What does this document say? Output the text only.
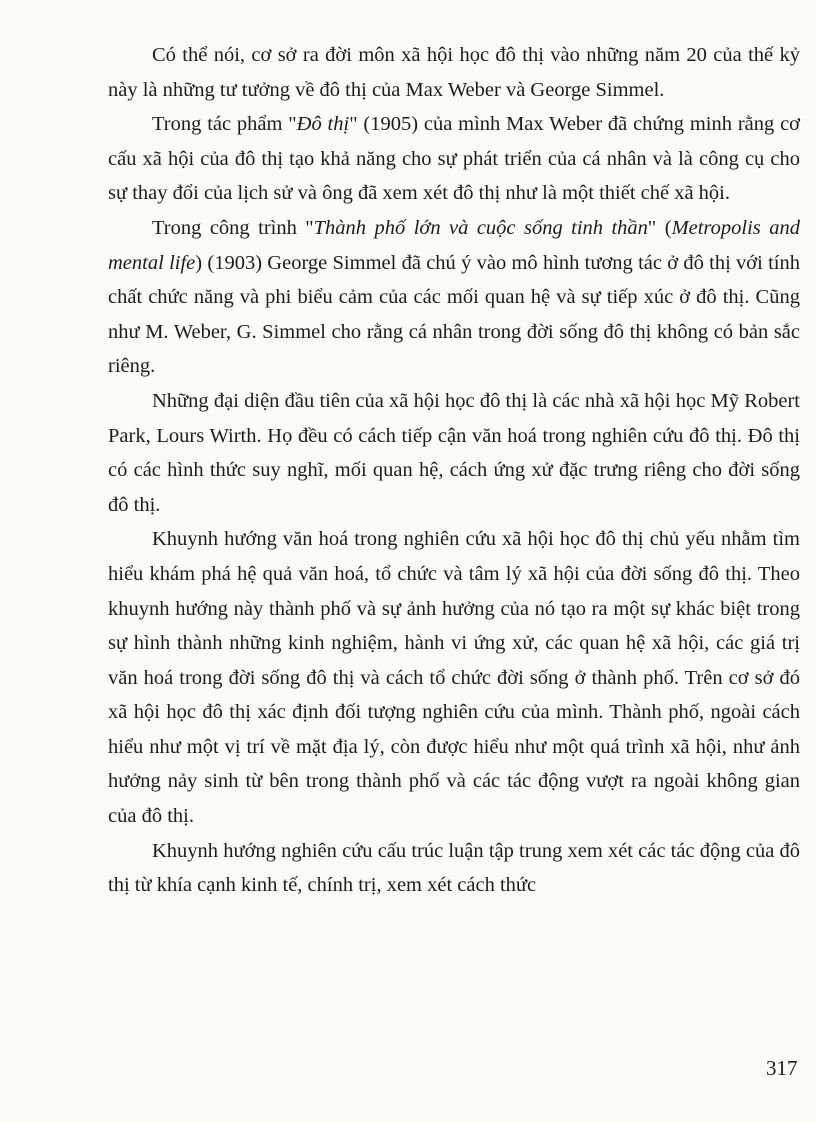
Có thể nói, cơ sở ra đời môn xã hội học đô thị vào những năm 20 của thế kỷ này là những tư tưởng về đô thị của Max Weber và George Simmel.

Trong tác phẩm "Đô thị" (1905) của mình Max Weber đã chứng minh rằng cơ cấu xã hội của đô thị tạo khả năng cho sự phát triển của cá nhân và là công cụ cho sự thay đổi của lịch sử và ông đã xem xét đô thị như là một thiết chế xã hội.

Trong công trình "Thành phố lớn và cuộc sống tinh thần" (Metropolis and mental life) (1903) George Simmel đã chú ý vào mô hình tương tác ở đô thị với tính chất chức năng và phi biểu cảm của các mối quan hệ và sự tiếp xúc ở đô thị. Cũng như M. Weber, G. Simmel cho rằng cá nhân trong đời sống đô thị không có bản sắc riêng.

Những đại diện đầu tiên của xã hội học đô thị là các nhà xã hội học Mỹ Robert Park, Lours Wirth. Họ đều có cách tiếp cận văn hoá trong nghiên cứu đô thị. Đô thị có các hình thức suy nghĩ, mối quan hệ, cách ứng xử đặc trưng riêng cho đời sống đô thị.

Khuynh hướng văn hoá trong nghiên cứu xã hội học đô thị chủ yếu nhằm tìm hiểu khám phá hệ quả văn hoá, tổ chức và tâm lý xã hội của đời sống đô thị. Theo khuynh hướng này thành phố và sự ảnh hưởng của nó tạo ra một sự khác biệt trong sự hình thành những kinh nghiệm, hành vi ứng xử, các quan hệ xã hội, các giá trị văn hoá trong đời sống đô thị và cách tổ chức đời sống ở thành phố. Trên cơ sở đó xã hội học đô thị xác định đối tượng nghiên cứu của mình. Thành phố, ngoài cách hiểu như một vị trí về mặt địa lý, còn được hiểu như một quá trình xã hội, như ảnh hưởng nảy sinh từ bên trong thành phố và các tác động vượt ra ngoài không gian của đô thị.

Khuynh hướng nghiên cứu cấu trúc luận tập trung xem xét các tác động của đô thị từ khía cạnh kinh tế, chính trị, xem xét cách thức

317
